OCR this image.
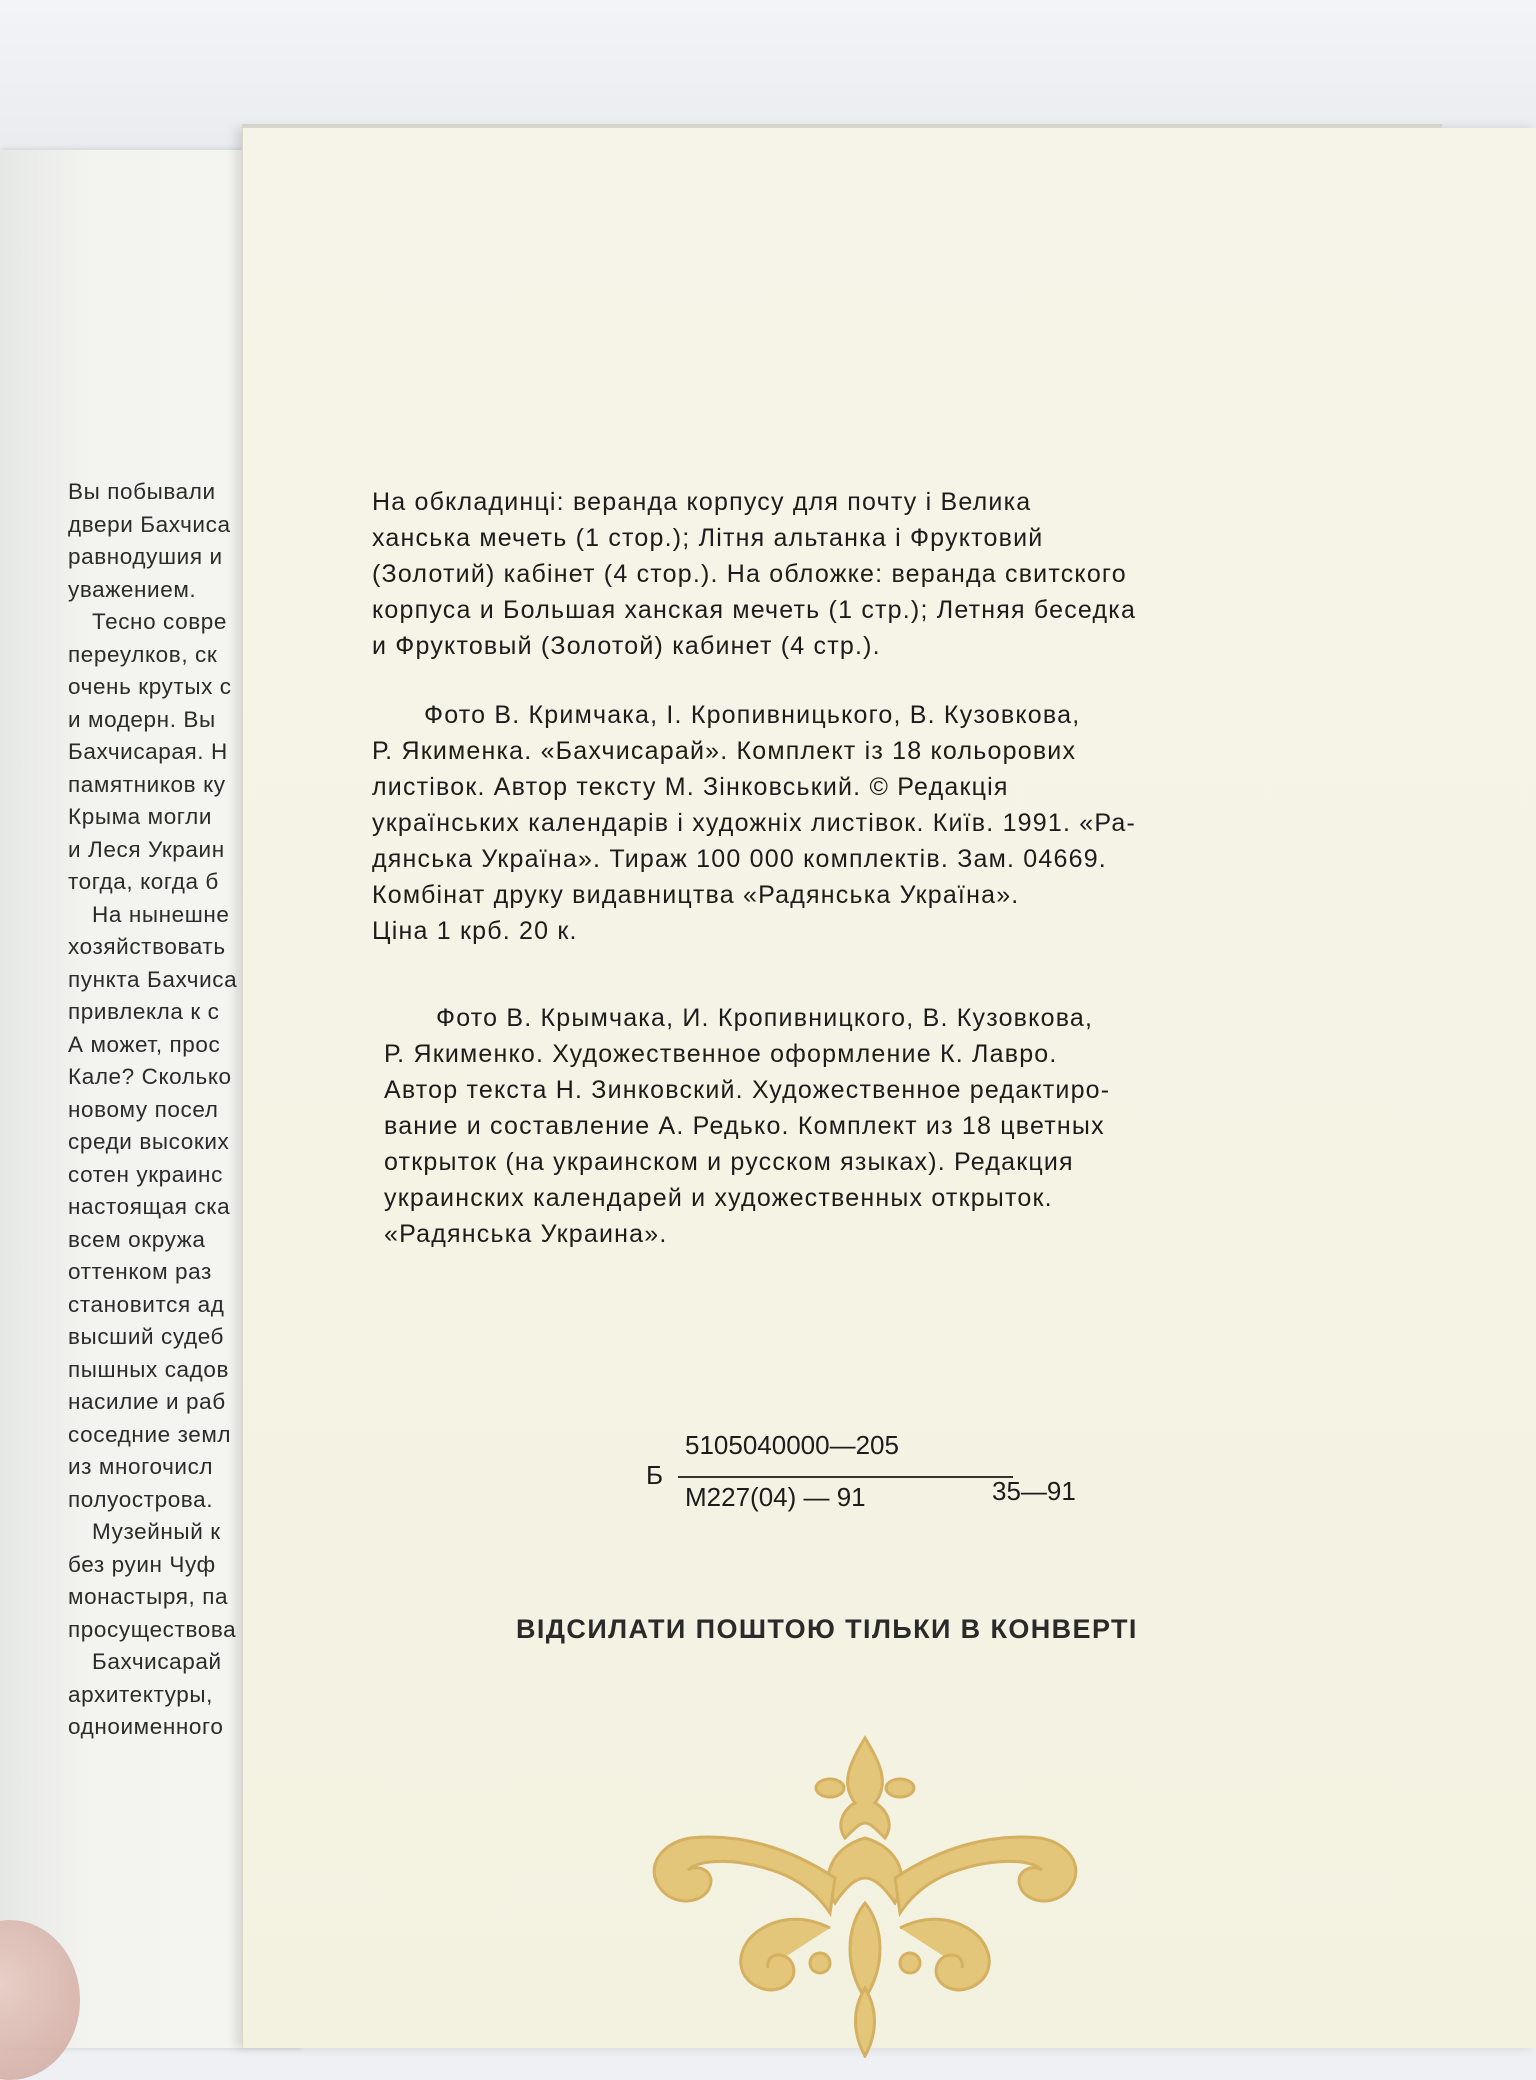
Вы побывали
двери Бахчиса
равнодушия и
уважением.
Тесно совре
переулков, ск
очень крутых с
и модерн. Вы
Бахчисарая. Н
памятников ку
Крыма могли
и Леся Украин
тогда, когда б
На нынешне
хозяйствовать
пункта Бахчиса
привлекла к с
А может, прос
Кале? Сколько
новому посел
среди высоких
сотен украинс
настоящая ска
всем окружа
оттенком раз
становится ад
высший судеб
пышных садов
насилие и раб
соседние земл
из многочисл
полуострова.
Музейный к
без руин Чуф
монастыря, па
просуществова
Бахчисарай
архитектуры,
одноименного
На обкладинці: веранда корпусу для почту і Велика
ханська мечеть (1 стор.); Літня альтанка і Фруктовий
(Золотий) кабінет (4 стор.). На обложке: веранда свитского
корпуса и Большая ханская мечеть (1 стр.); Летняя беседка
и Фруктовый (Золотой) кабинет (4 стр.).
Фото В. Кримчака, І. Кропивницького, В. Кузовкова,
Р. Якименка. «Бахчисарай». Комплект із 18 кольорових
листівок. Автор тексту М. Зінковський. © Редакція
українських календарів і художніх листівок. Київ. 1991. «Ра-
дянська Україна». Тираж 100 000 комплектів. Зам. 04669.
Комбінат друку видавництва «Радянська Україна».
Ціна 1 крб. 20 к.
Фото В. Крымчака, И. Кропивницкого, В. Кузовкова,
Р. Якименко. Художественное оформление К. Лавро.
Автор текста Н. Зинковский. Художественное редактиро-
вание и составление А. Редько. Комплект из 18 цветных
открыток (на украинском и русском языках). Редакция
украинских календарей и художественных открыток.
«Радянська Украина».
Б
5105040000—205
М227(04) — 91	35—91
ВІДСИЛАТИ ПОШТОЮ ТІЛЬКИ В КОНВЕРТІ
